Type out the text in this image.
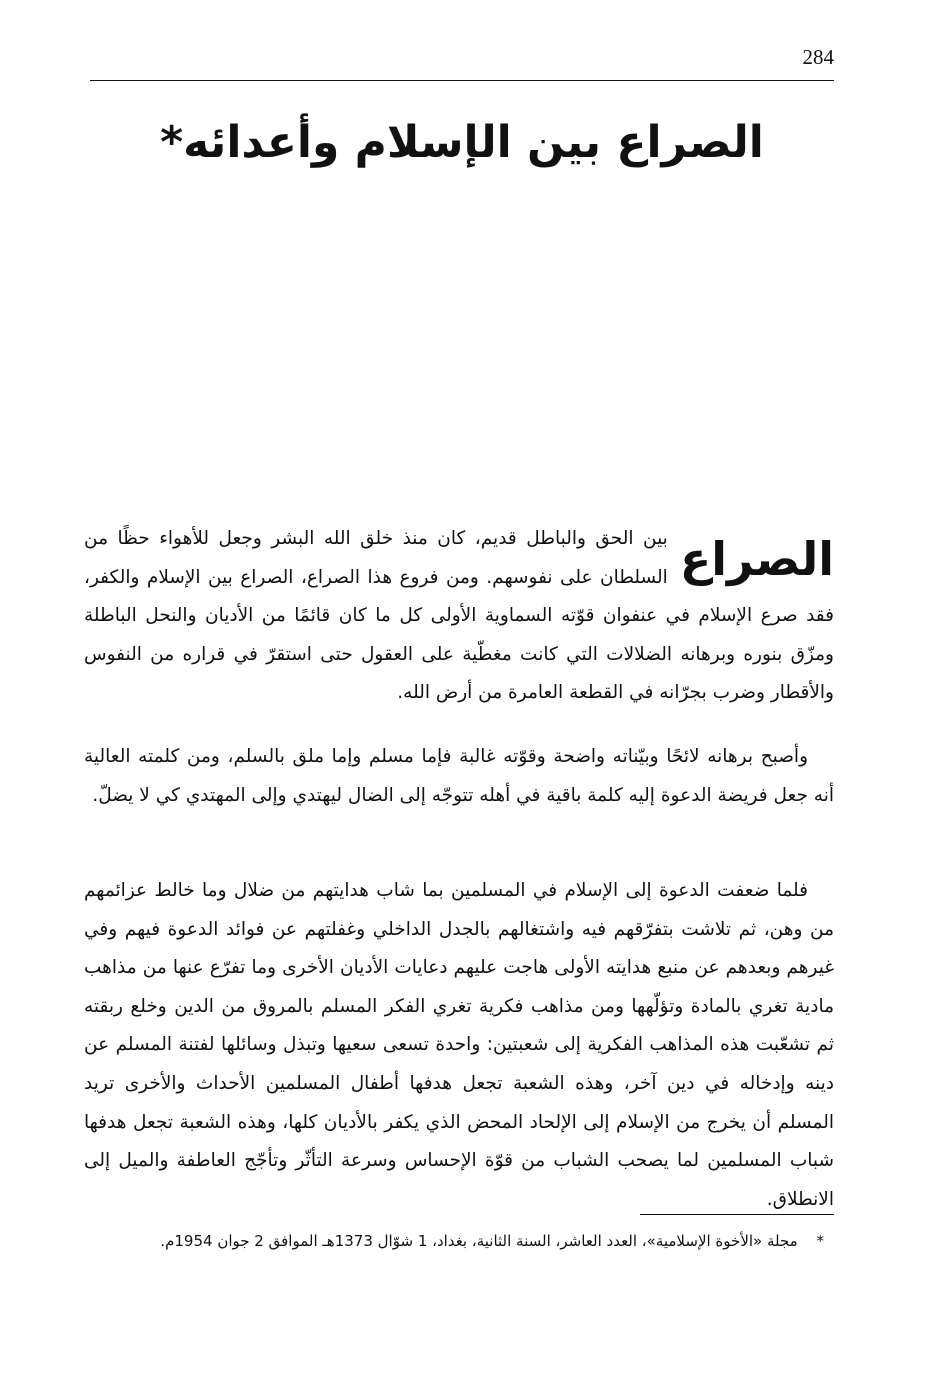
284
الصراع بين الإسلام وأعدائه*

الصراع
بين الحق والباطل قديم، كان منذ خلق الله البشر وجعل للأهواء حظًا من السلطان على نفوسهم. ومن فروع هذا الصراع، الصراع بين الإسلام والكفر، فقد صرع الإسلام في عنفوان قوّته السماوية الأولى كل ما كان قائمًا من الأديان والنحل الباطلة ومزّق بنوره وبرهانه الضلالات التي كانت مغطّية على العقول حتى استقرّ في قراره من النفوس والأقطار وضرب بجرّانه في القطعة العامرة من أرض الله.

وأصبح برهانه لائحًا وبيّناته واضحة وقوّته غالبة فإما مسلم وإما ملق بالسلم، ومن كلمته العالية أنه جعل فريضة الدعوة إليه كلمة باقية في أهله تتوجّه إلى الضال ليهتدي وإلى المهتدي كي لا يضلّ.

فلما ضعفت الدعوة إلى الإسلام في المسلمين بما شاب هدايتهم من ضلال وما خالط عزائمهم من وهن، ثم تلاشت بتفرّقهم فيه واشتغالهم بالجدل الداخلي وغفلتهم عن فوائد الدعوة فيهم وفي غيرهم وبعدهم عن منبع هدايته الأولى هاجت عليهم دعايات الأديان الأخرى وما تفرّع عنها من مذاهب مادية تغري بالمادة وتؤلّهها ومن مذاهب فكرية تغري الفكر المسلم بالمروق من الدين وخلع ربقته ثم تشعّبت هذه المذاهب الفكرية إلى شعبتين: واحدة تسعى سعيها وتبذل وسائلها لفتنة المسلم عن دينه وإدخاله في دين آخر، وهذه الشعبة تجعل هدفها أطفال المسلمين الأحداث والأخرى تريد المسلم أن يخرج من الإسلام إلى الإلحاد المحض الذي يكفر بالأديان كلها، وهذه الشعبة تجعل هدفها شباب المسلمين لما يصحب الشباب من قوّة الإحساس وسرعة التأثّر وتأجّج العاطفة والميل إلى الانطلاق.

* مجلة «الأخوة الإسلامية»، العدد العاشر، السنة الثانية، بغداد، 1 شوّال 1373هـ الموافق 2 جوان 1954م.
